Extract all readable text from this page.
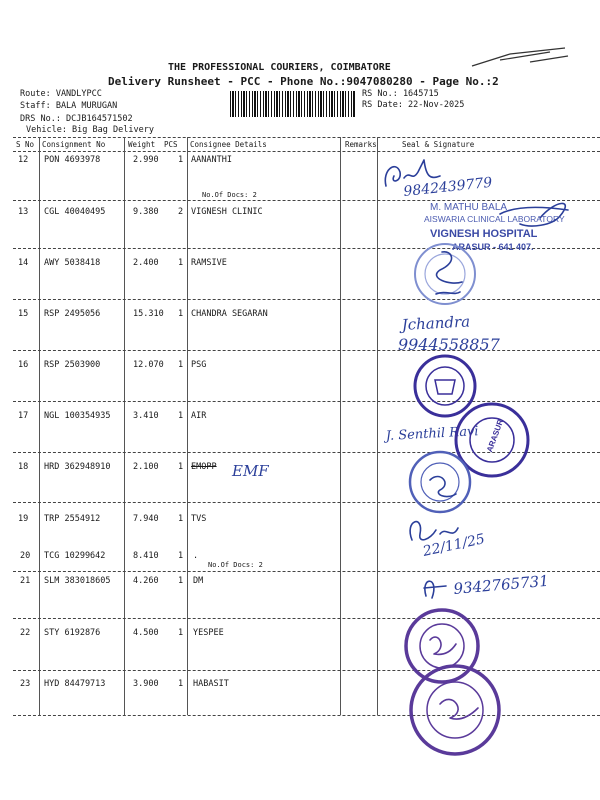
THE PROFESSIONAL COURIERS, COIMBATORE
Delivery Runsheet - PCC - Phone No.:9047080280 - Page No.:2
Route: VANDLYPCC
Staff: BALA MURUGAN
DRS No.: DCJB164571502
Vehicle: Big Bag Delivery
RS No.: 1645715
RS Date: 22-Nov-2025
S No Consignment No	Weight PCS Consignee Details	Remarks	Seal & Signature
12 PON 4693978	2.990 1 AANANTHI
No.Of Docs: 2
13 CGL 40040495	9.380 2 VIGNESH CLINIC
14 AWY 5038418	2.400 1 RAMSIVE
15 RSP 2495056	15.310 1 CHANDRA SEGARAN
16 RSP 2503900	12.070 1 PSG
17 NGL 100354935	3.410 1 AIR
18 HRD 362948910	2.100 1 EMOPP
19 TRP 2554912	7.940 1 TVS
20 TCG 10299642	8.410 1 .
No.Of Docs: 2
21 SLM 383018605	4.260 1 DM
22 STY 6192876	4.500 1 YESPEE
23 HYD 84479713	3.900 1 HABASIT
9842439779
M. MATHU BALA
AISWARIA CLINICAL LABORATORY
VIGNESH HOSPITAL
ARASUR - 641 407.
Jchandra
9944558857
J. Senthil Ravi ARASUR
EMF
22/11/25
9342765731
